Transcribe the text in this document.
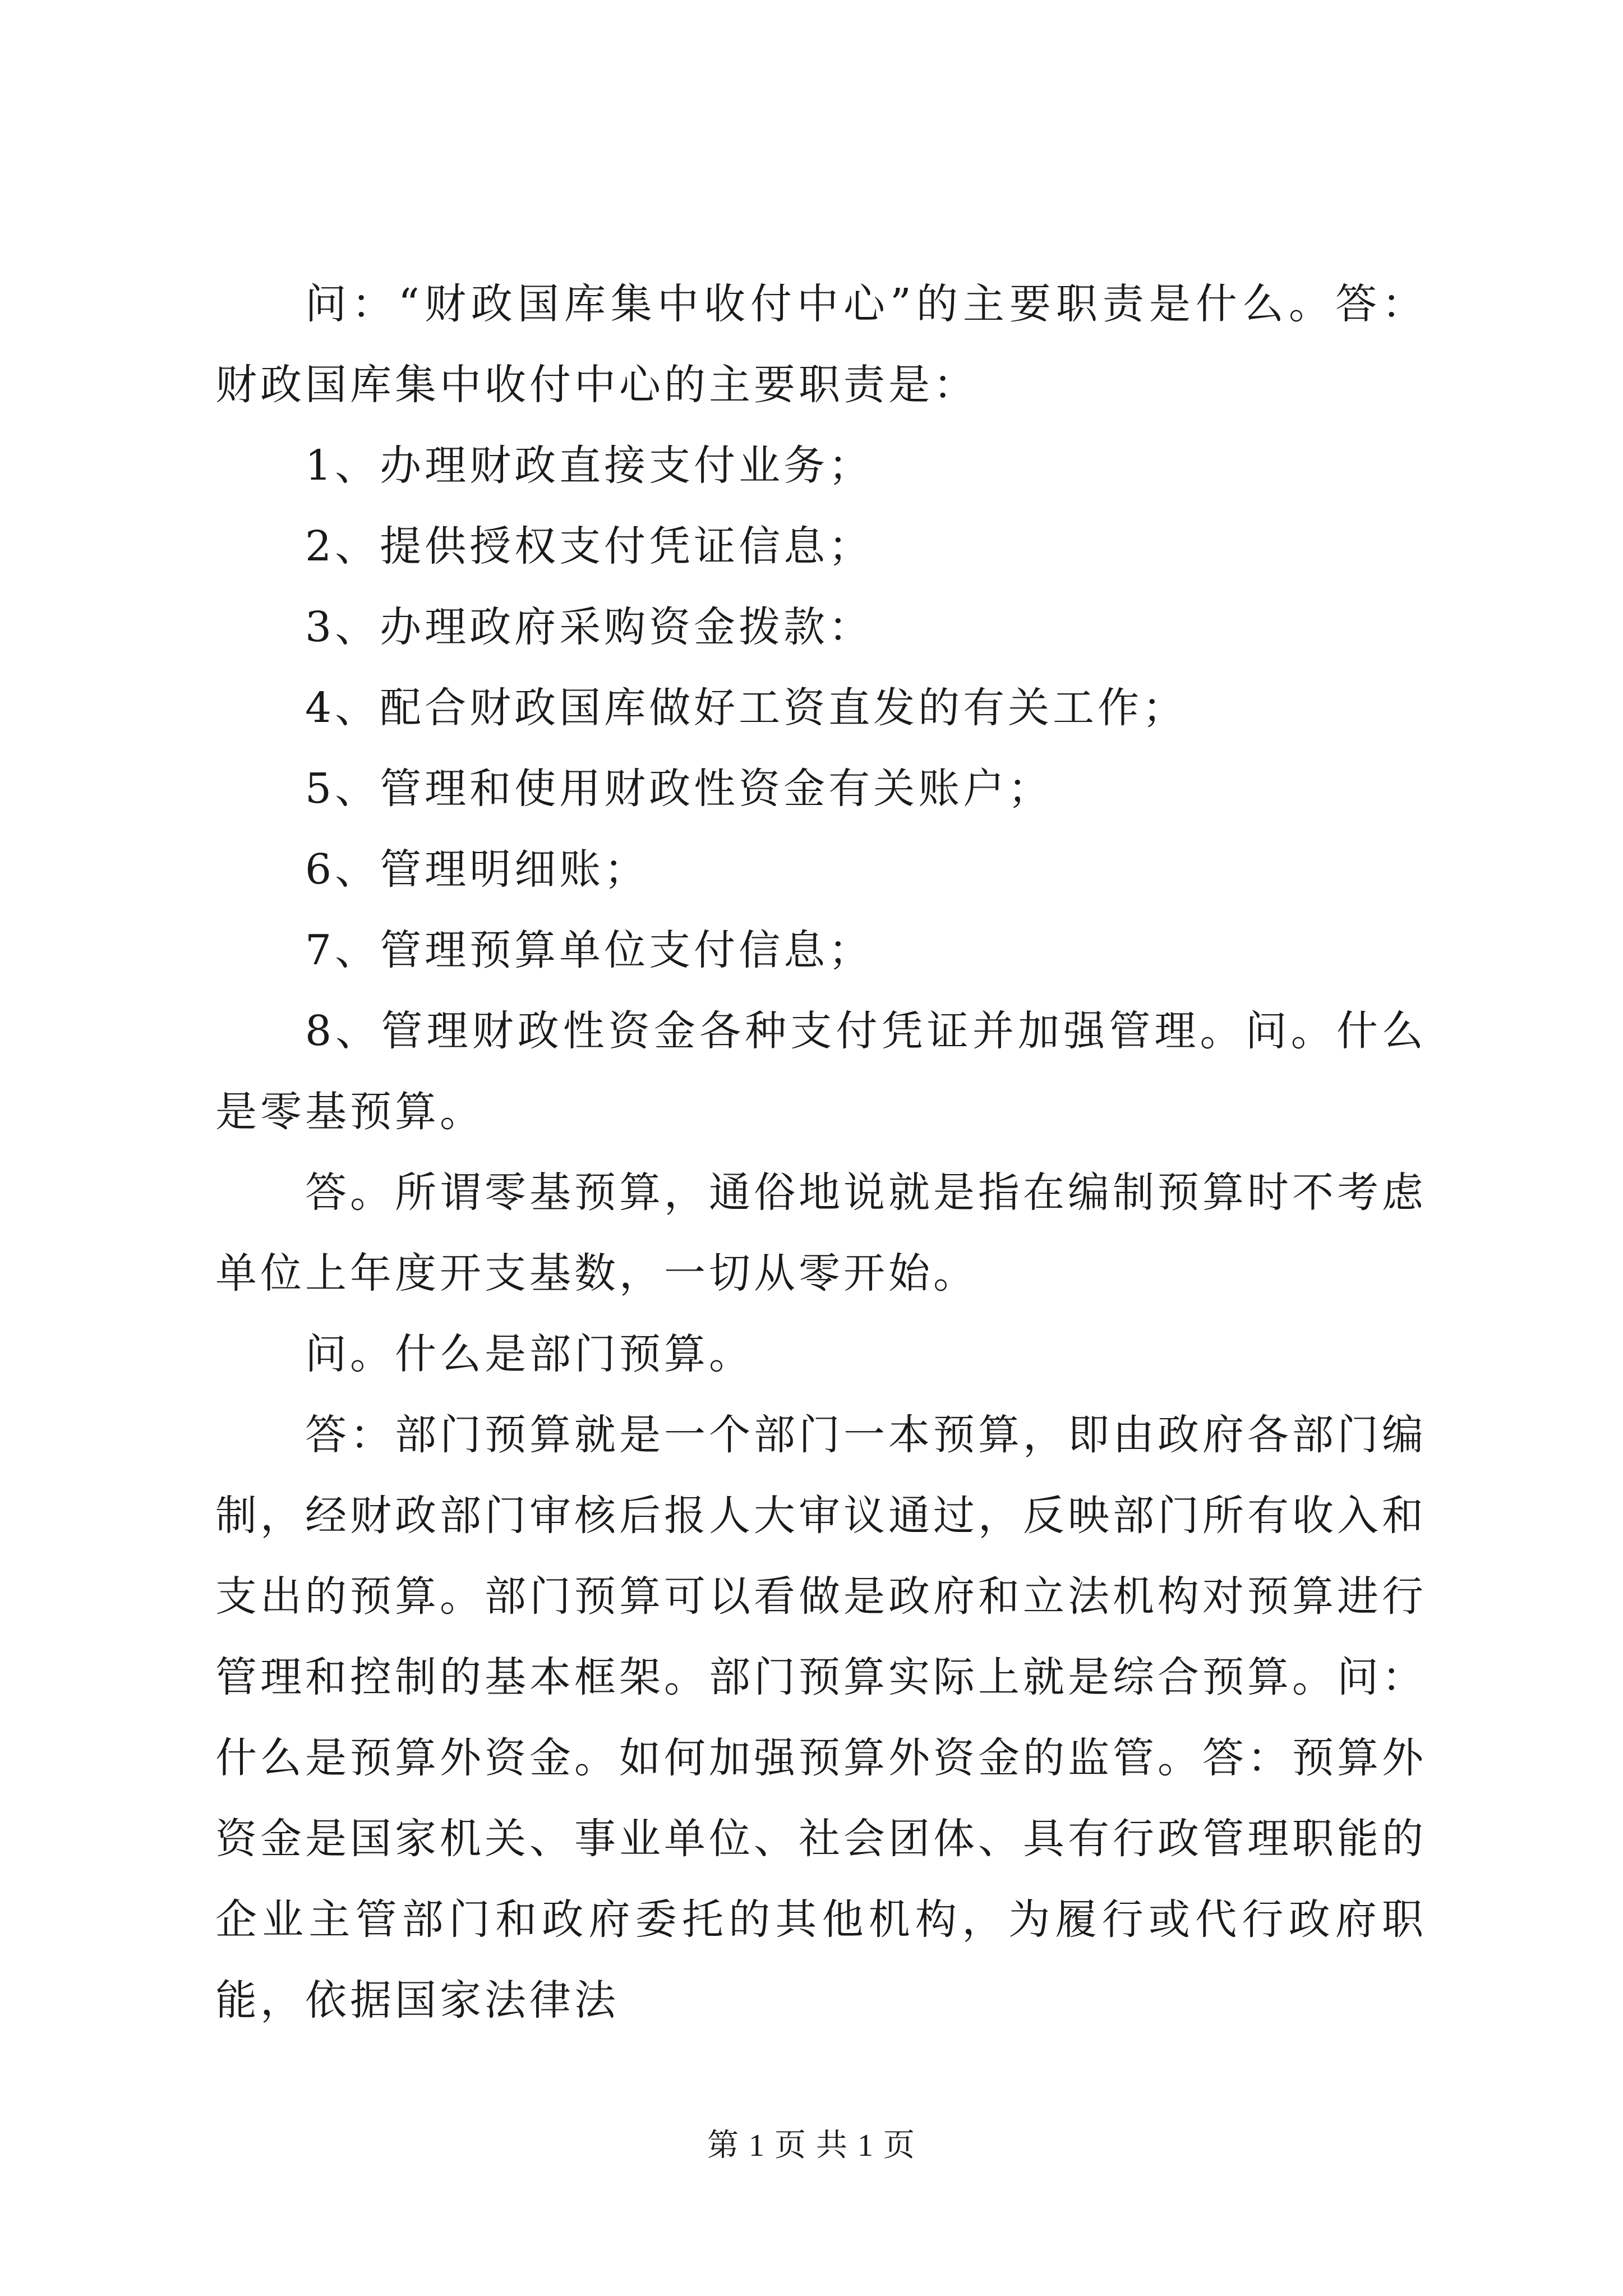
问：“财政国库集中收付中心”的主要职责是什么。答：财政国库集中收付中心的主要职责是：

1、办理财政直接支付业务；

2、提供授权支付凭证信息；

3、办理政府采购资金拨款：

4、配合财政国库做好工资直发的有关工作；

5、管理和使用财政性资金有关账户；

6、管理明细账；

7、管理预算单位支付信息；

8、管理财政性资金各种支付凭证并加强管理。问。什么是零基预算。

答。所谓零基预算，通俗地说就是指在编制预算时不考虑单位上年度开支基数，一切从零开始。

问。什么是部门预算。

答：部门预算就是一个部门一本预算，即由政府各部门编制，经财政部门审核后报人大审议通过，反映部门所有收入和支出的预算。部门预算可以看做是政府和立法机构对预算进行管理和控制的基本框架。部门预算实际上就是综合预算。问：什么是预算外资金。如何加强预算外资金的监管。答：预算外资金是国家机关、事业单位、社会团体、具有行政管理职能的企业主管部门和政府委托的其他机构，为履行或代行政府职能，依据国家法律法

第 1 页 共 1 页
